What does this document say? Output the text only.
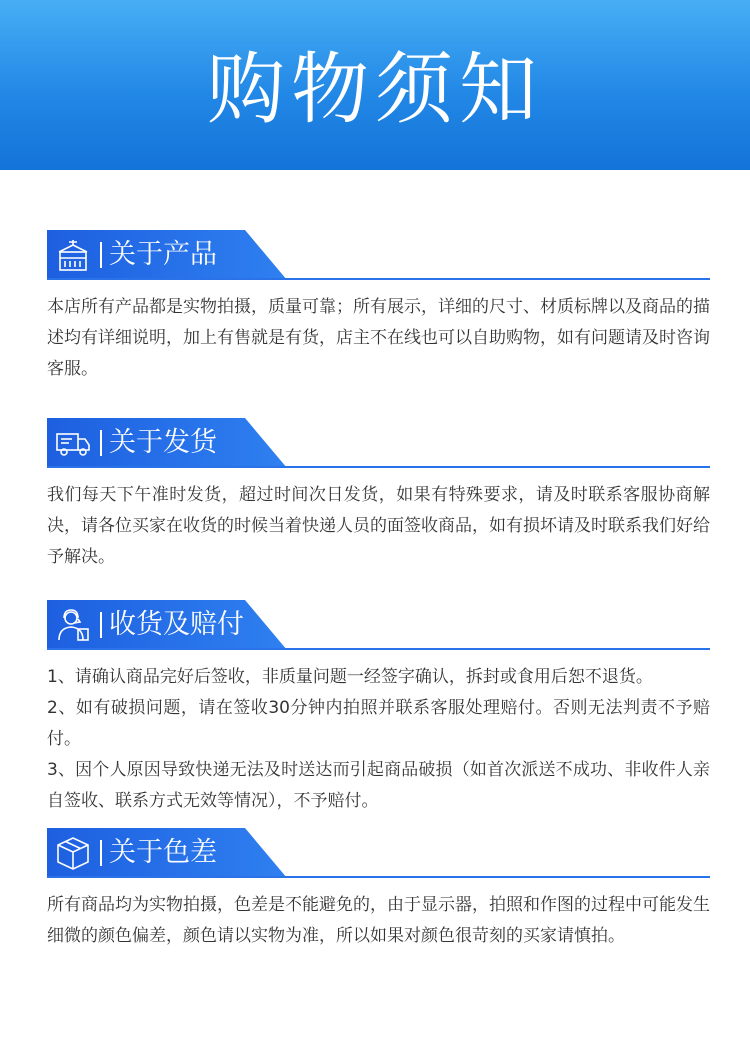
购物须知
关于产品

本店所有产品都是实物拍摄，质量可靠；所有展示，详细的尺寸、材质标牌以及商品的描述均有详细说明，加上有售就是有货，店主不在线也可以自助购物，如有问题请及时咨询客服。

关于发货

我们每天下午准时发货，超过时间次日发货，如果有特殊要求，请及时联系客服协商解决，请各位买家在收货的时候当着快递人员的面签收商品，如有损坏请及时联系我们好给予解决。

收货及赔付

1、请确认商品完好后签收，非质量问题一经签字确认，拆封或食用后恕不退货。

2、如有破损问题，请在签收30分钟内拍照并联系客服处理赔付。否则无法判责不予赔付。

3、因个人原因导致快递无法及时送达而引起商品破损（如首次派送不成功、非收件人亲自签收、联系方式无效等情况），不予赔付。

关于色差

所有商品均为实物拍摄，色差是不能避免的，由于显示器，拍照和作图的过程中可能发生细微的颜色偏差，颜色请以实物为准，所以如果对颜色很苛刻的买家请慎拍。
